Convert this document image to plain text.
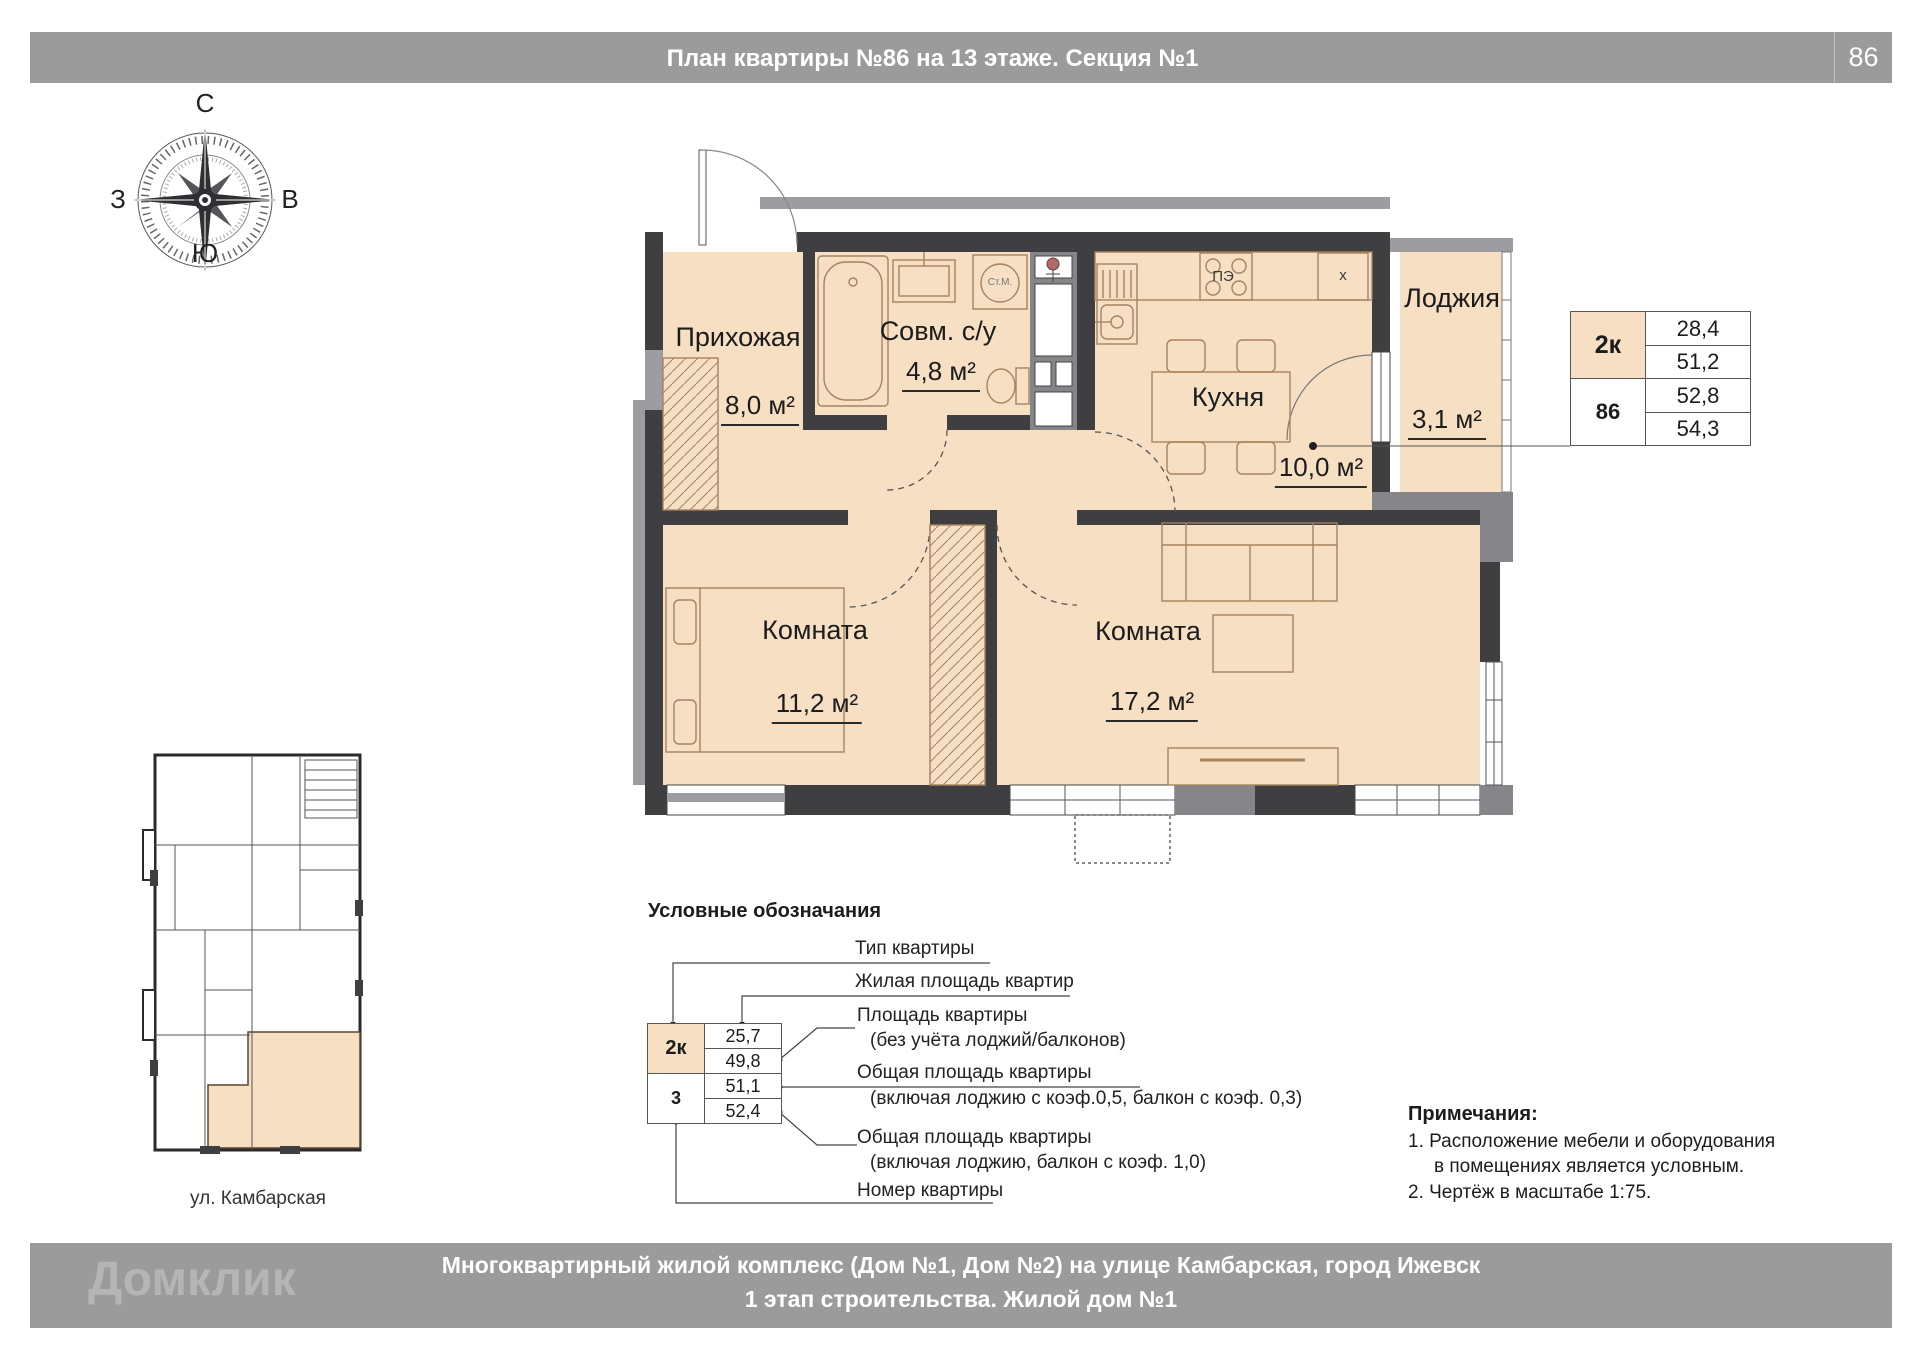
План квартиры №86 на 13 этаже. Секция №1	86
С
Ю
З	В
Прихожая
8,0 м²
Совм. с/у
4,8 м²
Кухня
10,0 м²
Лоджия
3,1 м²
Комната
11,2 м²
Комната
17,2 м²
ПЭ	х
Ст.М.
2к	28,4
	51,2
86	52,8
	54,3
ул. Камбарская
Условные обозначания
2к	25,7
	49,8
3	51,1
	52,4
Тип квартиры
Жилая площадь квартир
Площадь квартиры
(без учёта лоджий/балконов)
Общая площадь квартиры
(включая лоджию с коэф.0,5, балкон с коэф. 0,3)
Общая площадь квартиры
(включая лоджию, балкон с коэф. 1,0)
Номер квартиры
Примечания:
1. Расположение мебели и оборудования
в помещениях является условным.
2. Чертёж в масштабе 1:75.
Многоквартирный жилой комплекс (Дом №1, Дом №2) на улице Камбарская, город Ижевск
1 этап строительства. Жилой дом №1
Домклик
